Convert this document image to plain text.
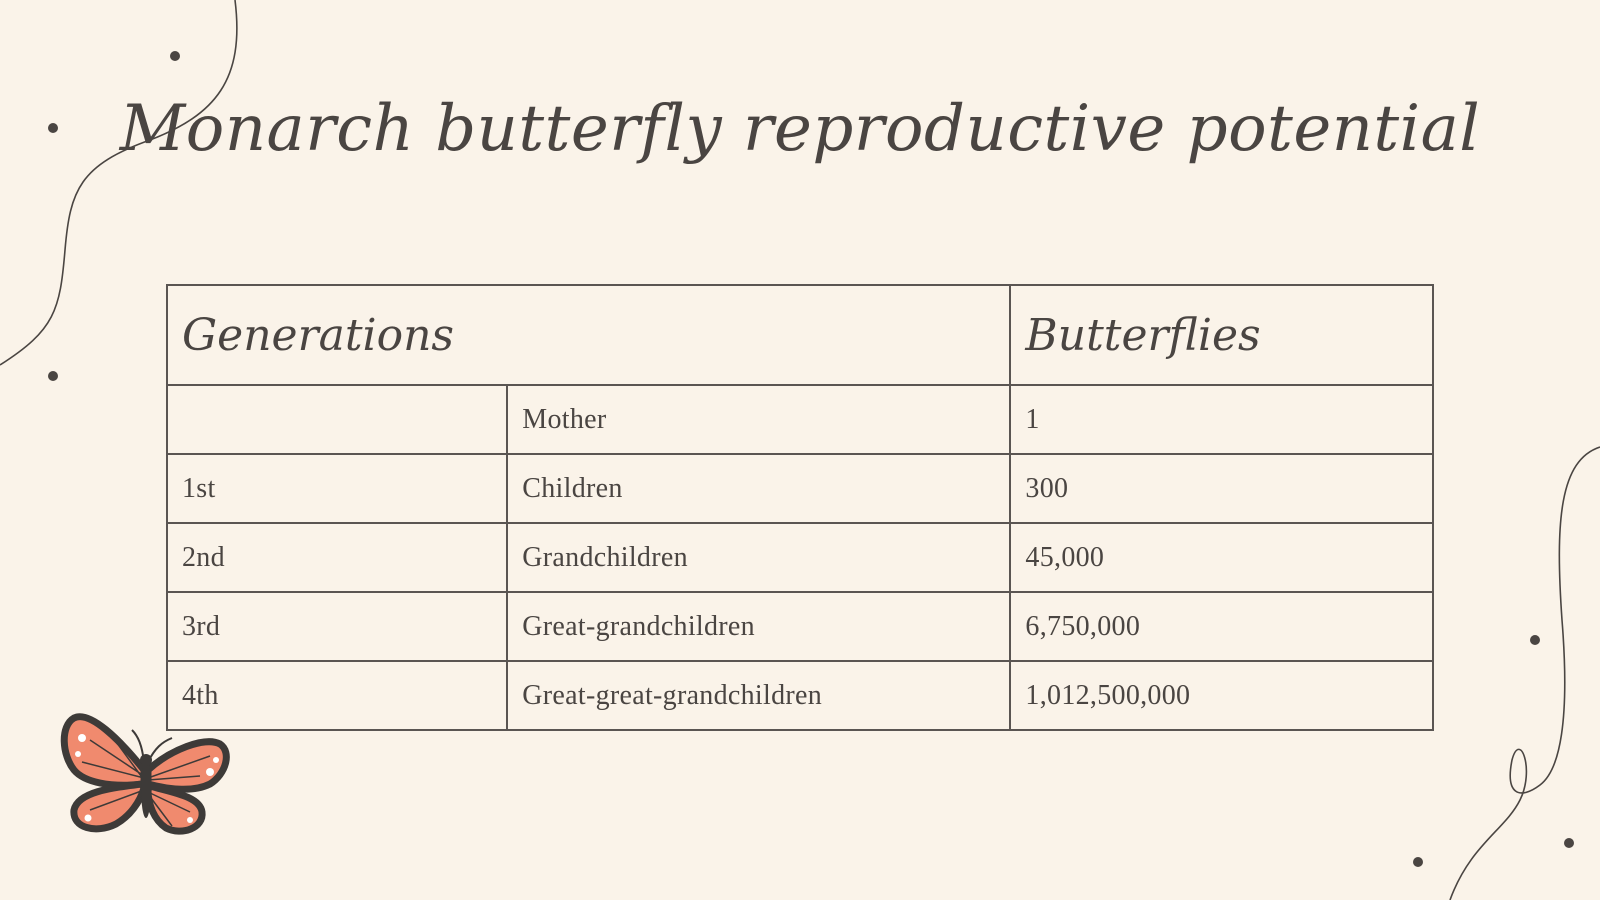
Monarch butterfly reproductive potential
Generations		Butterflies
	Mother	1
1st	Children	300
2nd	Grandchildren	45,000
3rd	Great-grandchildren	6,750,000
4th	Great-great-grandchildren	1,012,500,000
